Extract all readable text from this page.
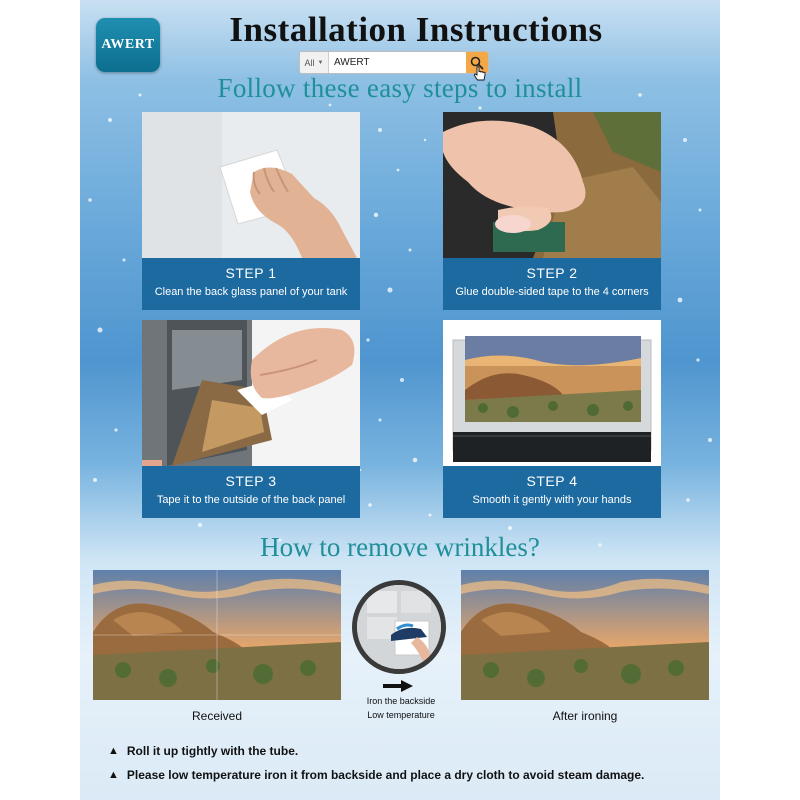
AWERT	Installation Instructions
All ▼
AWERT
Follow these easy steps to install
STEP 1
Clean the back glass panel of your tank
STEP 2
Glue double-sided tape to the 4 corners
STEP 3
Tape it to the outside of the back panel
STEP 4
Smooth it gently with your hands
How to remove wrinkles?
Received
Iron the backside
Low temperature	After ironing
▲ Roll it up tightly with the tube.
▲ Please low temperature iron it from backside and place a dry cloth to avoid steam damage.
